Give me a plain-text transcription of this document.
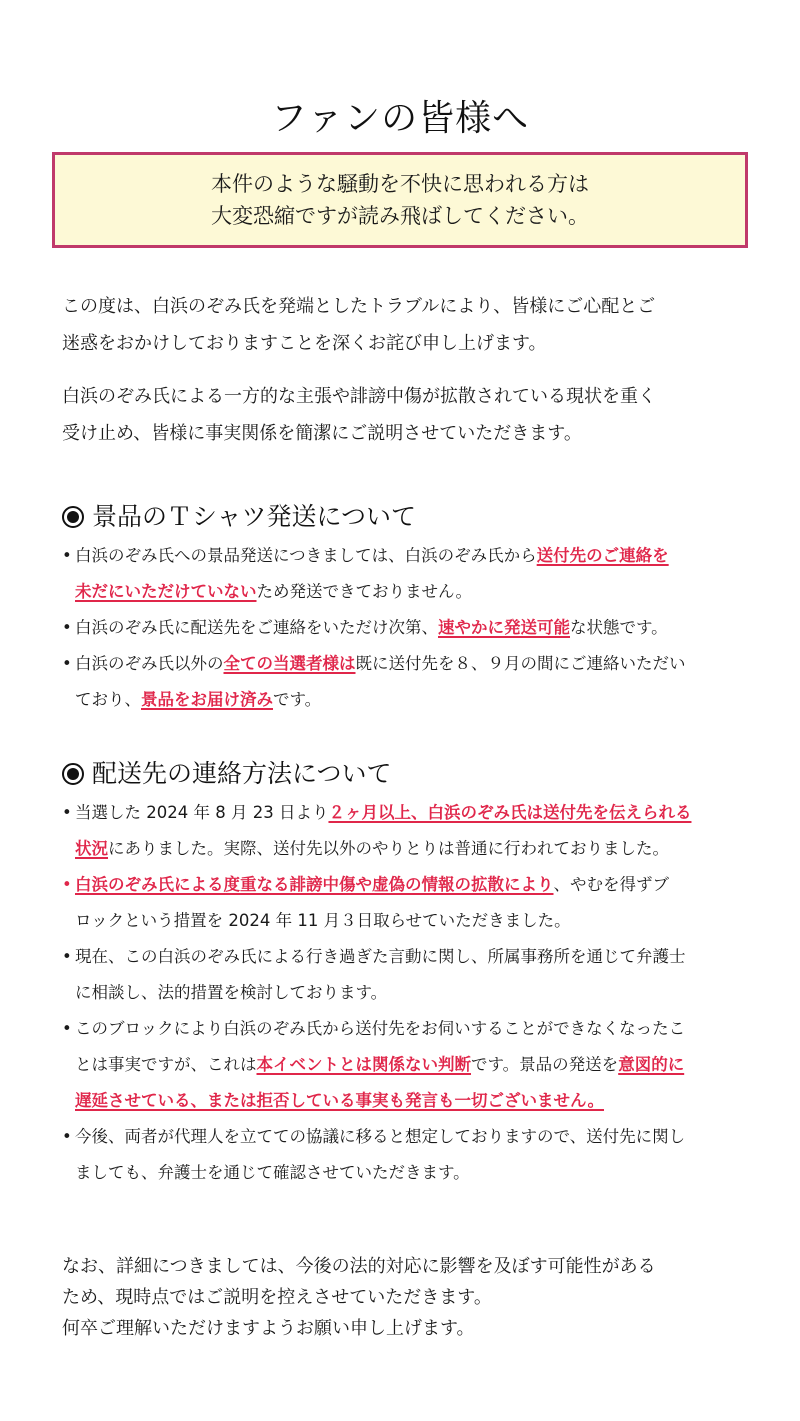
ファンの皆様へ
本件のような騒動を不快に思われる方は
大変恐縮ですが読み飛ばしてください。
この度は、白浜のぞみ氏を発端としたトラブルにより、皆様にご心配とご
迷惑をおかけしておりますことを深くお詫び申し上げます。
白浜のぞみ氏による一方的な主張や誹謗中傷が拡散されている現状を重く
受け止め、皆様に事実関係を簡潔にご説明させていただきます。
景品のＴシャツ発送について
• 白浜のぞみ氏への景品発送につきましては、白浜のぞみ氏から送付先のご連絡を
未だにいただけていないため発送できておりません。
• 白浜のぞみ氏に配送先をご連絡をいただけ次第、速やかに発送可能な状態です。
• 白浜のぞみ氏以外の全ての当選者様は既に送付先を８、９月の間にご連絡いただい
ており、景品をお届け済みです。
配送先の連絡方法について
• 当選した 2024 年 8 月 23 日より２ヶ月以上、白浜のぞみ氏は送付先を伝えられる
状況にありました。実際、送付先以外のやりとりは普通に行われておりました。
• 白浜のぞみ氏による度重なる誹謗中傷や虚偽の情報の拡散により、やむを得ずブ
ロックという措置を 2024 年 11 月３日取らせていただきました。
• 現在、この白浜のぞみ氏による行き過ぎた言動に関し、所属事務所を通じて弁護士
に相談し、法的措置を検討しております。
• このブロックにより白浜のぞみ氏から送付先をお伺いすることができなくなったこ
とは事実ですが、これは本イベントとは関係ない判断です。景品の発送を意図的に
遅延させている、または拒否している事実も発言も一切ございません。
• 今後、両者が代理人を立てての協議に移ると想定しておりますので、送付先に関し
ましても、弁護士を通じて確認させていただきます。
なお、詳細につきましては、今後の法的対応に影響を及ぼす可能性がある
ため、現時点ではご説明を控えさせていただきます。
何卒ご理解いただけますようお願い申し上げます。
